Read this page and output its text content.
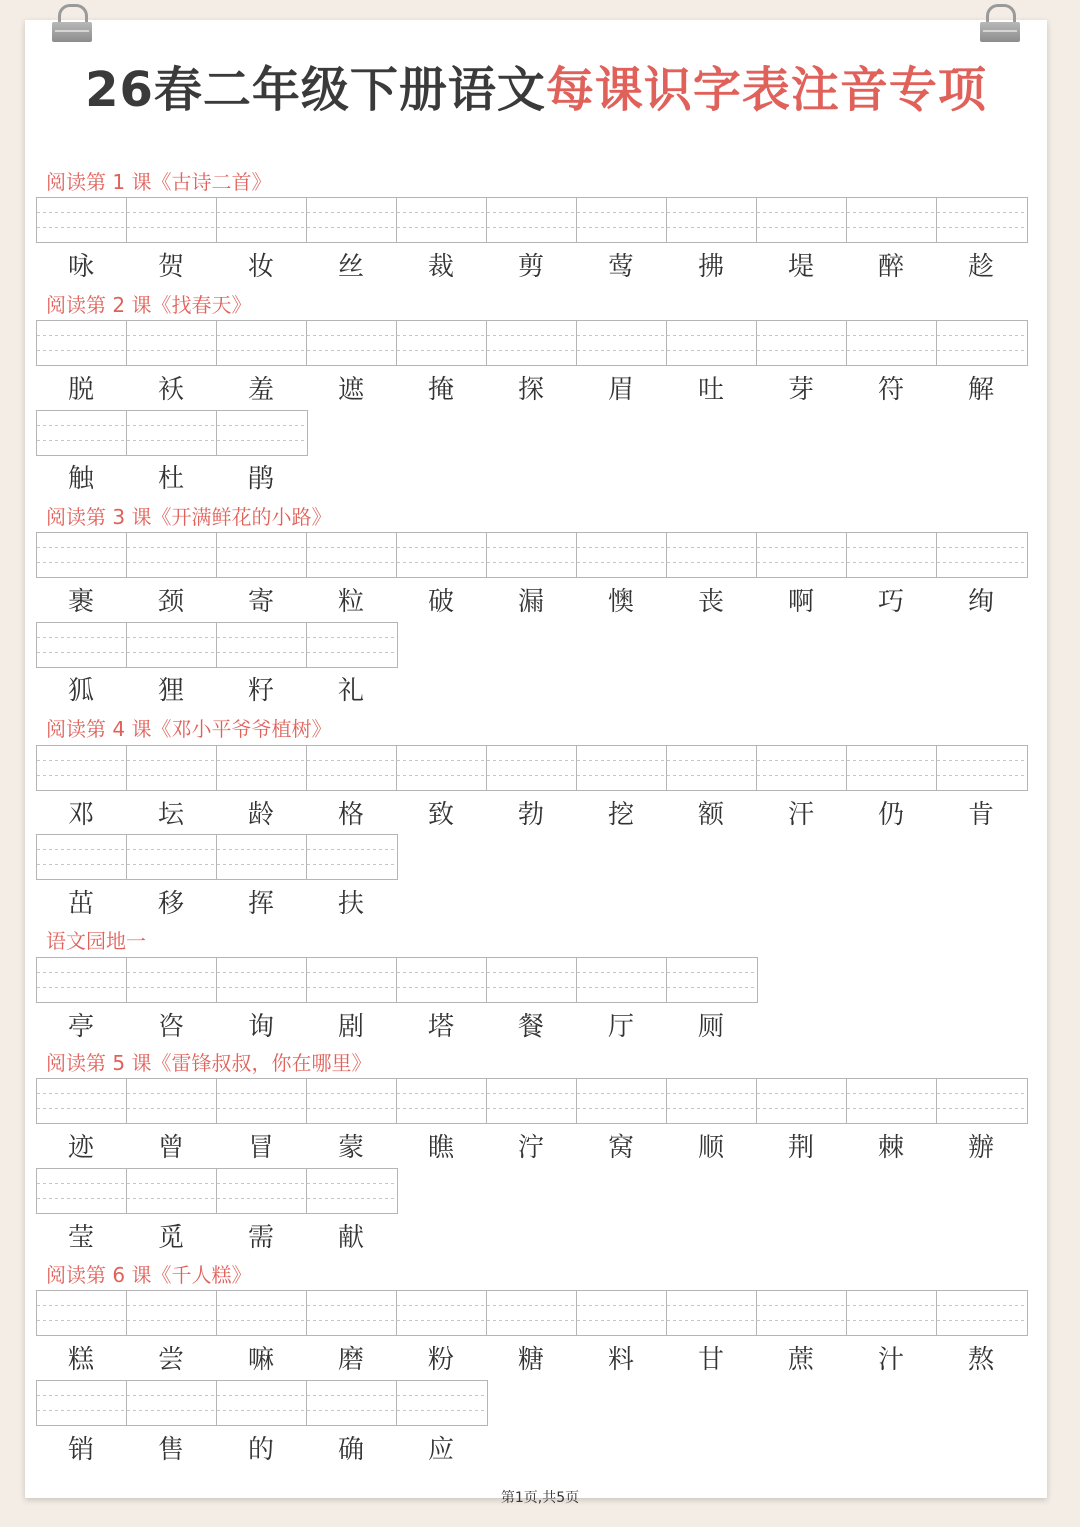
26春二年级下册语文每课识字表注音专项
阅读第 1 课《古诗二首》
咏	贺	妆	丝	裁	剪	莺	拂	堤	醉	趁
阅读第 2 课《找春天》
脱	袄	羞	遮	掩	探	眉	吐	芽	符	解
触	杜	鹃
阅读第 3 课《开满鲜花的小路》
裹	颈	寄	粒	破	漏	懊	丧	啊	巧	绚
狐	狸	籽	礼
阅读第 4 课《邓小平爷爷植树》
邓	坛	龄	格	致	勃	挖	额	汗	仍	肯
茁	移	挥	扶
语文园地一
亭	咨	询	剧	塔	餐	厅	厕
阅读第 5 课《雷锋叔叔，你在哪里》
迹	曾	冒	蒙	瞧	泞	窝	顺	荆	棘	辦
莹	觅	需	献
阅读第 6 课《千人糕》
糕	尝	嘛	磨	粉	糖	料	甘	蔗	汁	熬
销	售	的	确	应
第1页,共5页
